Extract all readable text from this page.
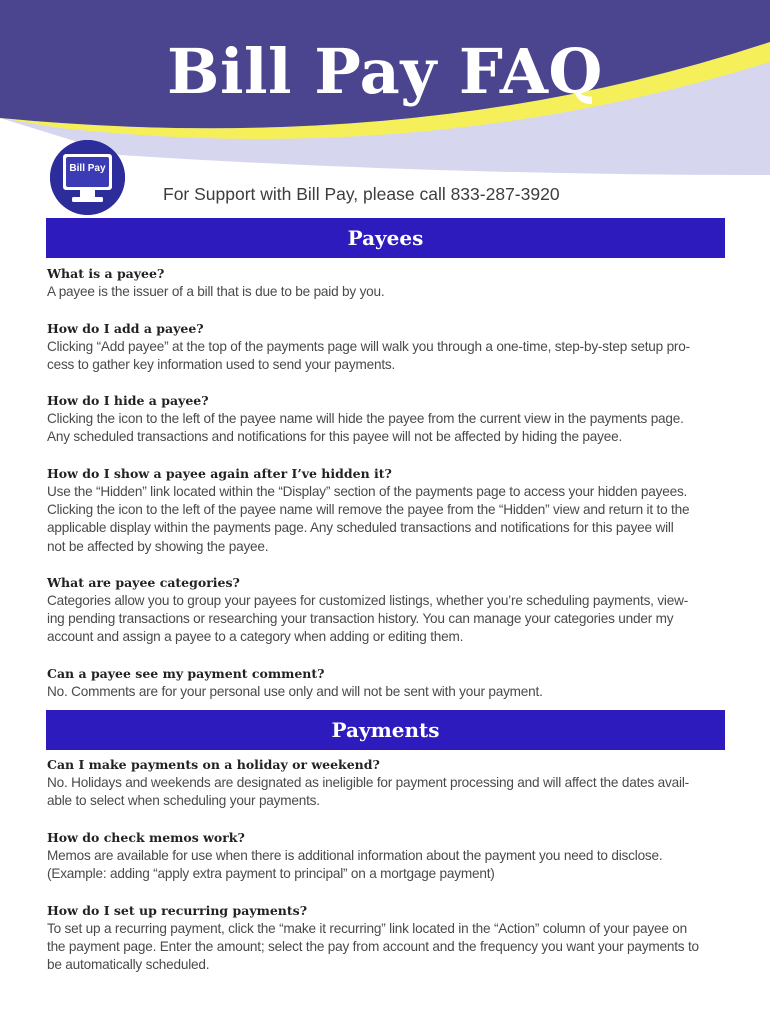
Bill Pay FAQ
Bill Pay

For Support with Bill Pay, please call 833-287-3920

Payees

What is a payee?

A payee is the issuer of a bill that is due to be paid by you.

How do I add a payee?

Clicking “Add payee” at the top of the payments page will walk you through a one-time, step-by-step setup pro-

cess to gather key information used to send your payments.

How do I hide a payee?

Clicking the icon to the left of the payee name will hide the payee from the current view in the payments page.

Any scheduled transactions and notifications for this payee will not be affected by hiding the payee.

How do I show a payee again after I’ve hidden it?

Use the “Hidden” link located within the “Display” section of the payments page to access your hidden payees.

Clicking the icon to the left of the payee name will remove the payee from the “Hidden” view and return it to the

applicable display within the payments page. Any scheduled transactions and notifications for this payee will

not be affected by showing the payee.

What are payee categories?

Categories allow you to group your payees for customized listings, whether you’re scheduling payments, view-

ing pending transactions or researching your transaction history. You can manage your categories under my

account and assign a payee to a category when adding or editing them.

Can a payee see my payment comment?

No. Comments are for your personal use only and will not be sent with your payment.

Payments

Can I make payments on a holiday or weekend?

No. Holidays and weekends are designated as ineligible for payment processing and will affect the dates avail-

able to select when scheduling your payments.

How do check memos work?

Memos are available for use when there is additional information about the payment you need to disclose.

(Example: adding “apply extra payment to principal” on a mortgage payment)

How do I set up recurring payments?

To set up a recurring payment, click the “make it recurring” link located in the “Action” column of your payee on

the payment page. Enter the amount; select the pay from account and the frequency you want your payments to

be automatically scheduled.
